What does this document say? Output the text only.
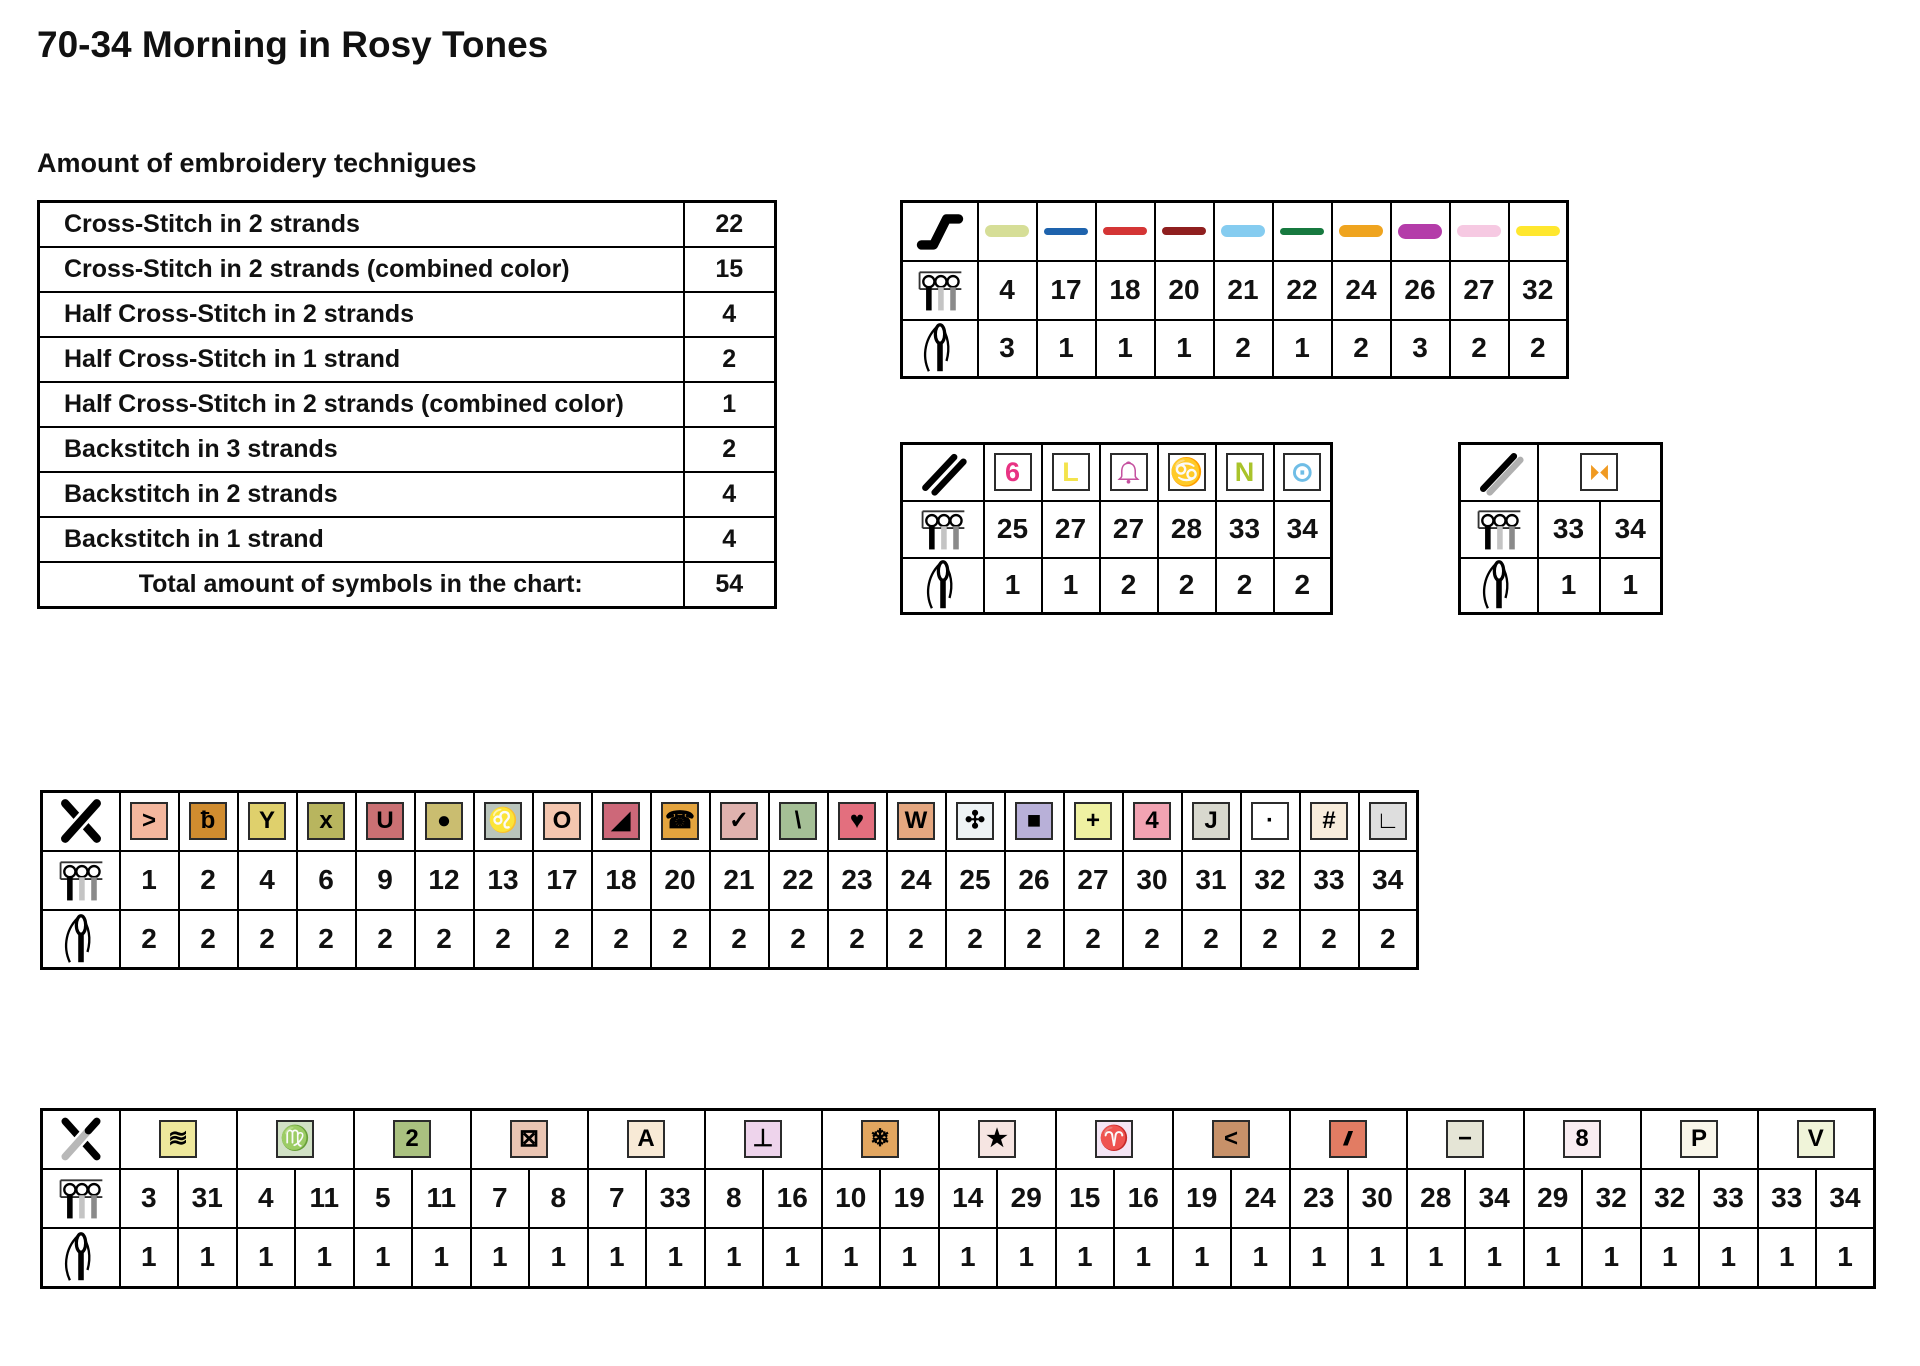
70-34 Morning in Rosy Tones
Amount of embroidery technigues
Cross-Stitch in 2 strands	22
Cross-Stitch in 2 strands (combined color)	15
Half Cross-Stitch in 2 strands	4
Half Cross-Stitch in 1 strand	2
Half Cross-Stitch in 2 strands (combined color)	1
Backstitch in 3 strands	2
Backstitch in 2 strands	4
Backstitch in 1 strand	4
Total amount of symbols in the chart:	54

	4	17	18	20	21	22	24	26	27	32

	3	1	1	1	2	1	2	3	2	2

6	L		♋	N	⊙

	25	27	27	28	33	34

	1	1	2	2	2	2

	33	34

	1	1

>	ƀ	Y	x	U	●	♌	O	◢	☎	✓	\	♥	W	✣	■	+	4	J	·	#	∟

	1	2	4	6	9	12	13	17	18	20	21	22	23	24	25	26	27	30	31	32	33	34

	2	2	2	2	2	2	2	2	2	2	2	2	2	2	2	2	2	2	2	2	2	2

≋		♍		2		⊠		A		⊥		❄		★		♈		<		///		−		8		P		V	

	3	31	4	11	5	11	7	8	7	33	8	16	10	19	14	29	15	16	19	24	23	30	28	34	29	32	32	33	33	34

	1	1	1	1	1	1	1	1	1	1	1	1	1	1	1	1	1	1	1	1	1	1	1	1	1	1	1	1	1	1
